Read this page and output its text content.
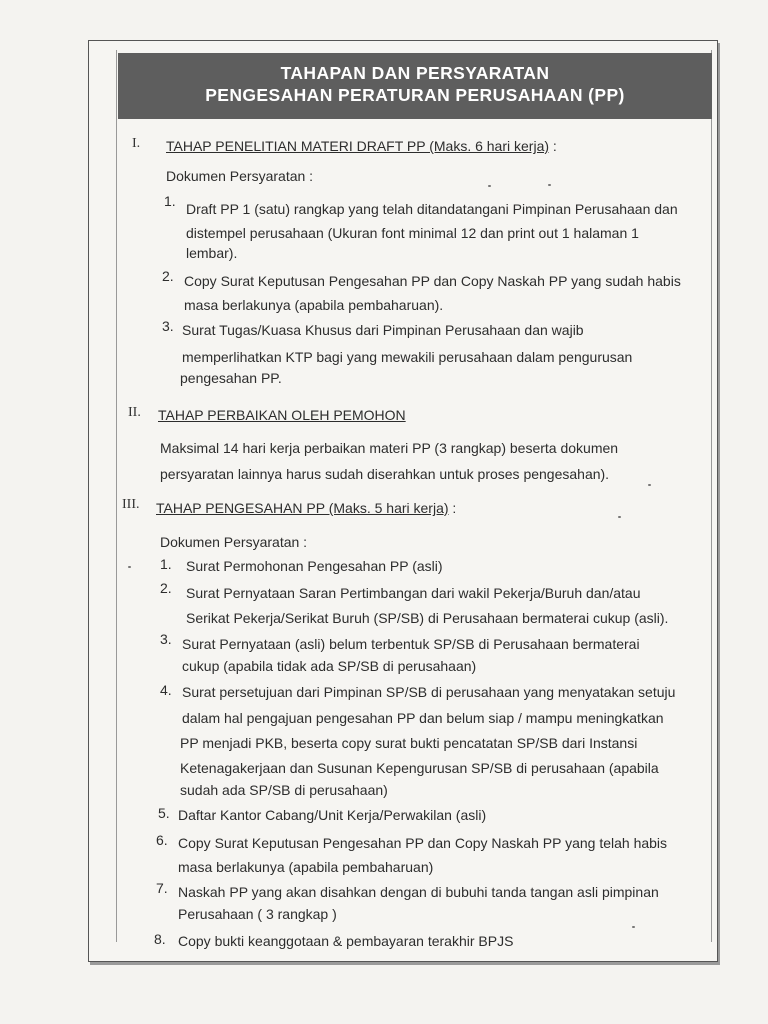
TAHAPAN DAN PERSYARATAN
PENGESAHAN PERATURAN PERUSAHAAN (PP)
I. TAHAP PENELITIAN MATERI DRAFT PP (Maks. 6 hari kerja) :
Dokumen Persyaratan :
1. Draft PP 1 (satu) rangkap yang telah ditandatangani Pimpinan Perusahaan dan
distempel perusahaan (Ukuran font minimal 12 dan print out 1 halaman 1
lembar).
2. Copy Surat Keputusan Pengesahan PP dan Copy Naskah PP yang sudah habis
masa berlakunya (apabila pembaharuan).
3. Surat Tugas/Kuasa Khusus dari Pimpinan Perusahaan dan wajib
memperlihatkan KTP bagi yang mewakili perusahaan dalam pengurusan
pengesahan PP.
II. TAHAP PERBAIKAN OLEH PEMOHON
Maksimal 14 hari kerja perbaikan materi PP (3 rangkap) beserta dokumen
persyaratan lainnya harus sudah diserahkan untuk proses pengesahan).
III. TAHAP PENGESAHAN PP (Maks. 5 hari kerja) :
Dokumen Persyaratan :
1. Surat Permohonan Pengesahan PP (asli)
2. Surat Pernyataan Saran Pertimbangan dari wakil Pekerja/Buruh dan/atau
Serikat Pekerja/Serikat Buruh (SP/SB) di Perusahaan bermaterai cukup (asli).
3. Surat Pernyataan (asli) belum terbentuk SP/SB di Perusahaan bermaterai
cukup (apabila tidak ada SP/SB di perusahaan)
4. Surat persetujuan dari Pimpinan SP/SB di perusahaan yang menyatakan setuju
dalam hal pengajuan pengesahan PP dan belum siap / mampu meningkatkan
PP menjadi PKB, beserta copy surat bukti pencatatan SP/SB dari Instansi
Ketenagakerjaan dan Susunan Kepengurusan SP/SB di perusahaan (apabila
sudah ada SP/SB di perusahaan)
5. Daftar Kantor Cabang/Unit Kerja/Perwakilan (asli)
6. Copy Surat Keputusan Pengesahan PP dan Copy Naskah PP yang telah habis
masa berlakunya (apabila pembaharuan)
7. Naskah PP yang akan disahkan dengan di bubuhi tanda tangan asli pimpinan
Perusahaan ( 3 rangkap )
8. Copy bukti keanggotaan & pembayaran terakhir BPJS
